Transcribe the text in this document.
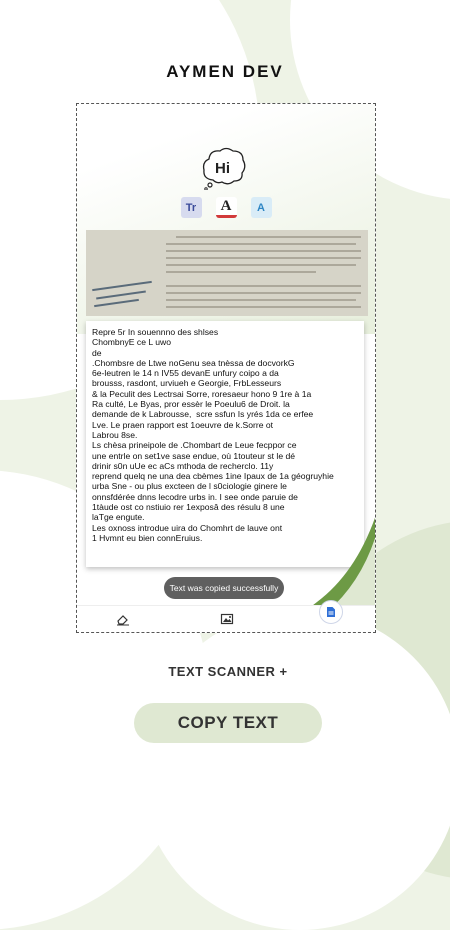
AYMEN DEV
Hi
Tr	A	A

Repre 5r In souennno des shlses
ChombnyE ce L uwo
de
.Chombsre de Ltwe noGenu sea tnèssa de docvorkG
6e-leutren le 14 n IV55 devanE unfury coipo a da
brousss, rasdont, urviueh e Georgie, FrbLesseurs
& la Peculit des Lectrsai Sorre, roresaeur hono 9 1re à 1a
Ra culté, Le Byas, pror essèr le Poeulu6 de Droit. la
demande de k Labrousse,  scre ssfun Is yrés 1da ce erfee
Lve. Le praen rapport est 1oeuvre de k.Sorre ot
Labrou 8se.
Ls chèsa prineipole de .Chombart de Leue fecppor ce
une entrle on set1ve sase endue, où 1touteur st le dé
drinir s0n uUe ec aCs mthoda de recherclo. 11y
reprend quelq ne una dea cbèmes 1ine Ipaux de 1a géogruyhie
urba Sne - ou plus excteen de l s0ciologie ginere le
onnsfdérée dnns lecodre urbs in. I see onde paruie de
1tàude ost co nstiuio rer 1exposâ des résulu 8 une
laTge engute.
Les oxnoss introdue uira do Chomhrt de lauve ont
1 Hvmnt eu bien connEruius.

Text was copied successfully
TEXT SCANNER +
COPY TEXT
